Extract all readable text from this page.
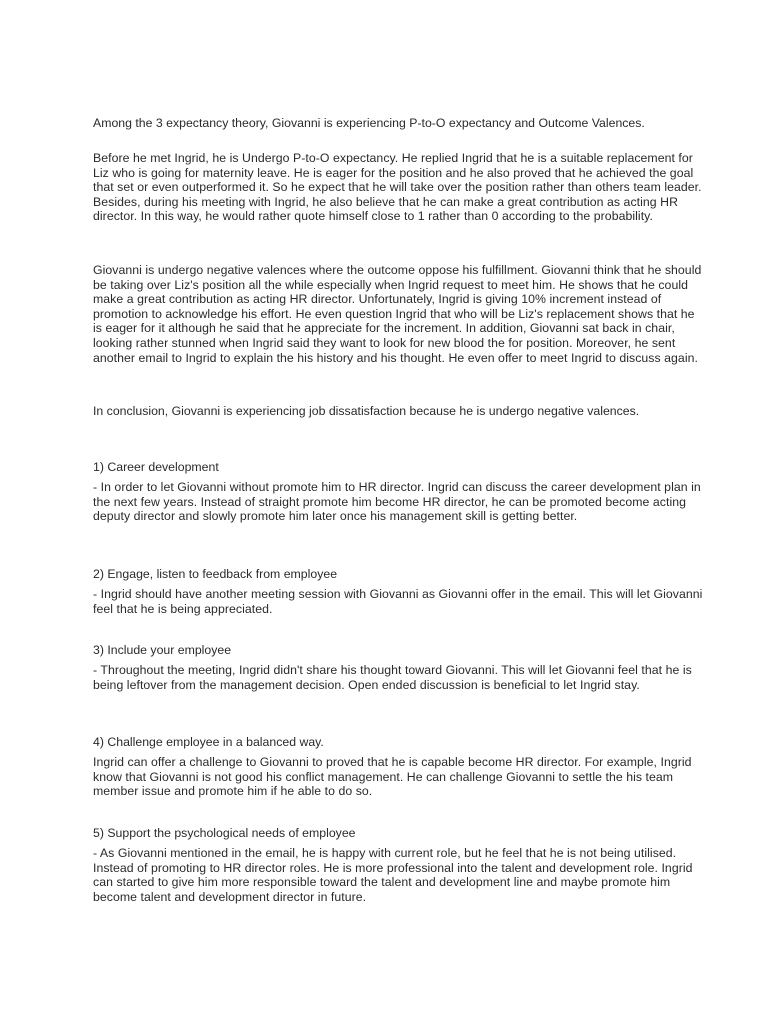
Among the 3 expectancy theory, Giovanni is experiencing P-to-O expectancy and Outcome Valences.

Before he met Ingrid, he is Undergo P-to-O expectancy. He replied Ingrid that he is a suitable replacement for Liz who is going for maternity leave. He is eager for the position and he also proved that he achieved the goal that set or even outperformed it. So he expect that he will take over the position rather than others team leader. Besides, during his meeting with Ingrid, he also believe that he can make a great contribution as acting HR director. In this way, he would rather quote himself close to 1 rather than 0 according to the probability.

Giovanni is undergo negative valences where the outcome oppose his fulfillment. Giovanni think that he should be taking over Liz's position all the while especially when Ingrid request to meet him. He shows that he could make a great contribution as acting HR director. Unfortunately, Ingrid is giving 10% increment instead of promotion to acknowledge his effort. He even question Ingrid that who will be Liz's replacement shows that he is eager for it although he said that he appreciate for the increment. In addition, Giovanni sat back in chair, looking rather stunned when Ingrid said they want to look for new blood the for position. Moreover, he sent another email to Ingrid to explain the his history and his thought. He even offer to meet Ingrid to discuss again.

In conclusion, Giovanni is experiencing job dissatisfaction because he is undergo negative valences.

1) Career development

- In order to let Giovanni without promote him to HR director. Ingrid can discuss the career development plan in the next few years. Instead of straight promote him become HR director, he can be promoted become acting deputy director and slowly promote him later once his management skill is getting better.

2) Engage, listen to feedback from employee

- Ingrid should have another meeting session with Giovanni as Giovanni offer in the email. This will let Giovanni feel that he is being appreciated.

3) Include your employee

- Throughout the meeting, Ingrid didn't share his thought toward Giovanni. This will let Giovanni feel that he is being leftover from the management decision. Open ended discussion is beneficial to let Ingrid stay.

4) Challenge employee in a balanced way.

Ingrid can offer a challenge to Giovanni to proved that he is capable become HR director. For example, Ingrid know that Giovanni is not good his conflict management. He can challenge Giovanni to settle the his team member issue and promote him if he able to do so.

5) Support the psychological needs of employee

- As Giovanni mentioned in the email, he is happy with current role, but he feel that he is not being utilised. Instead of promoting to HR director roles. He is more professional into the talent and development role. Ingrid can started to give him more responsible toward the talent and development line and maybe promote him become talent and development director in future.
